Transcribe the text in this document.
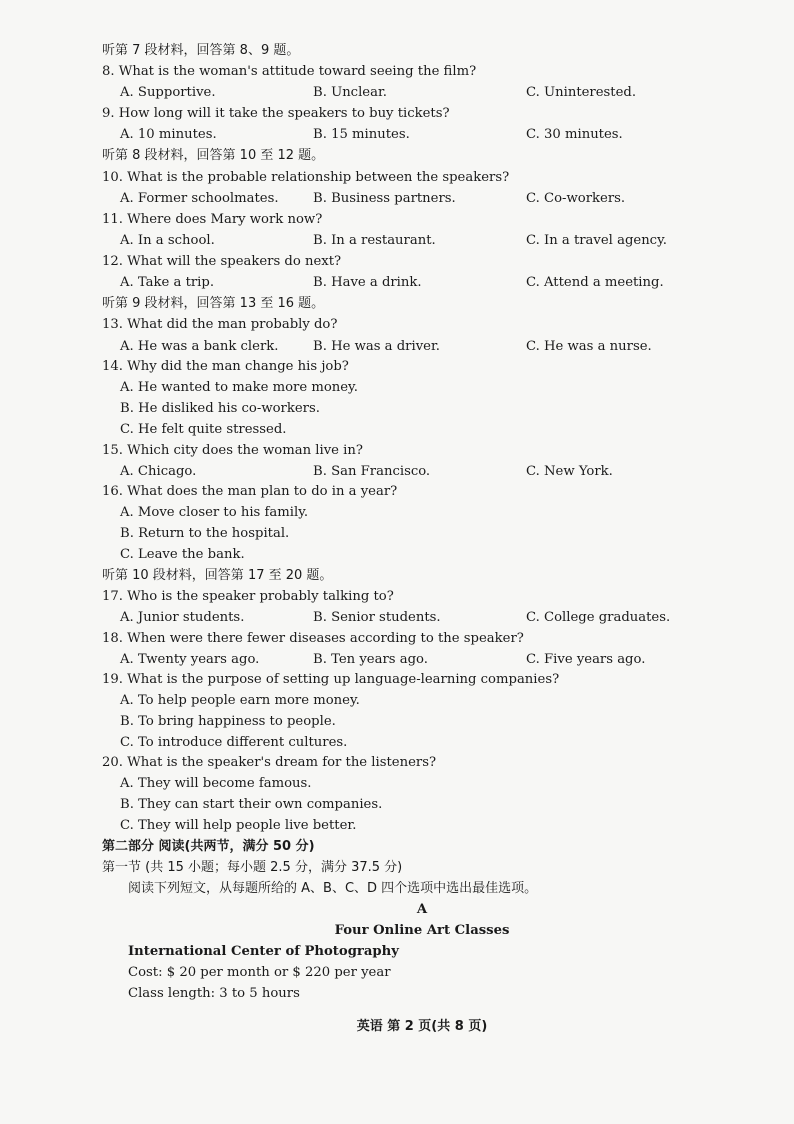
听第 7 段材料，回答第 8、9 题。
8. What is the woman's attitude toward seeing the film?
A. Supportive.	B. Unclear.	C. Uninterested.
9. How long will it take the speakers to buy tickets?
A. 10 minutes.	B. 15 minutes.	C. 30 minutes.
听第 8 段材料，回答第 10 至 12 题。
10. What is the probable relationship between the speakers?
A. Former schoolmates.	B. Business partners.	C. Co-workers.
11. Where does Mary work now?
A. In a school.	B. In a restaurant.	C. In a travel agency.
12. What will the speakers do next?
A. Take a trip.	B. Have a drink.	C. Attend a meeting.
听第 9 段材料，回答第 13 至 16 题。
13. What did the man probably do?
A. He was a bank clerk.	B. He was a driver.	C. He was a nurse.
14. Why did the man change his job?
A. He wanted to make more money.
B. He disliked his co-workers.
C. He felt quite stressed.
15. Which city does the woman live in?
A. Chicago.	B. San Francisco.	C. New York.
16. What does the man plan to do in a year?
A. Move closer to his family.
B. Return to the hospital.
C. Leave the bank.
听第 10 段材料，回答第 17 至 20 题。
17. Who is the speaker probably talking to?
A. Junior students.	B. Senior students.	C. College graduates.
18. When were there fewer diseases according to the speaker?
A. Twenty years ago.	B. Ten years ago.	C. Five years ago.
19. What is the purpose of setting up language-learning companies?
A. To help people earn more money.
B. To bring happiness to people.
C. To introduce different cultures.
20. What is the speaker's dream for the listeners?
A. They will become famous.
B. They can start their own companies.
C. They will help people live better.
第二部分 阅读(共两节，满分 50 分)
第一节 (共 15 小题；每小题 2.5 分，满分 37.5 分)
阅读下列短文，从每题所给的 A、B、C、D 四个选项中选出最佳选项。
A
Four Online Art Classes
International Center of Photography
Cost: $ 20 per month or $ 220 per year
Class length: 3 to 5 hours
英语 第 2 页(共 8 页)
